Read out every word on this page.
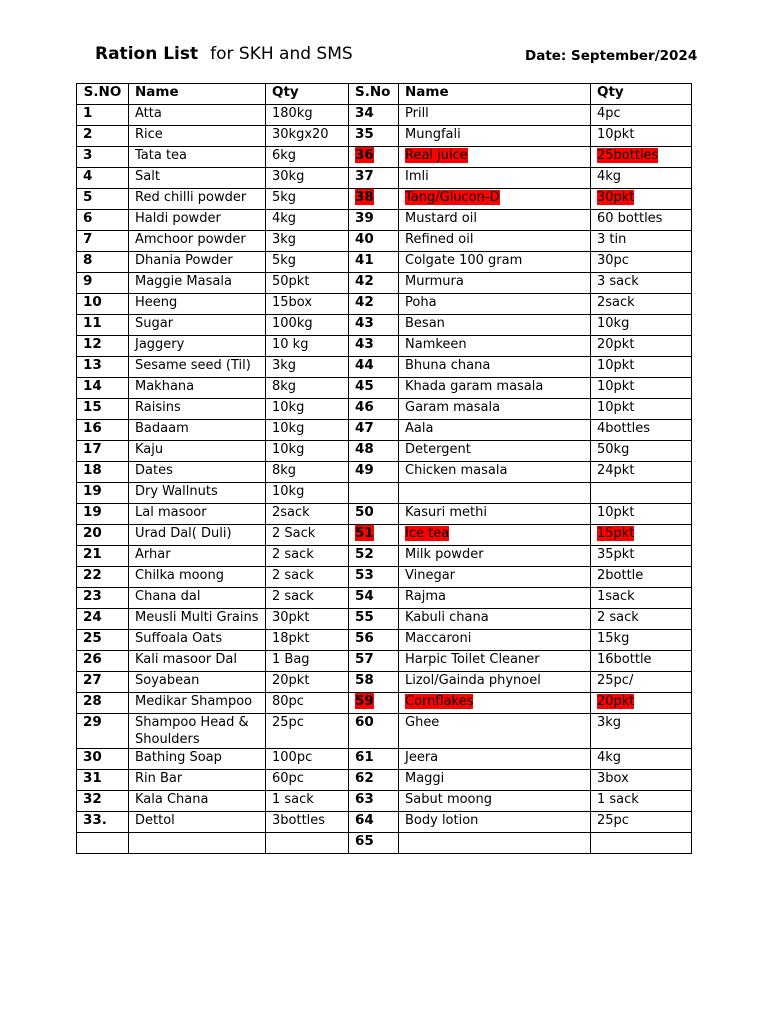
Ration List for SKH and SMS	Date: September/2024
S.NO	Name	Qty	S.No	Name	Qty
1	Atta	180kg	34	Prill	4pc
2	Rice	30kgx20	35	Mungfali	10pkt
3	Tata tea	6kg	36	Real juice	25bottles
4	Salt	30kg	37	Imli	4kg
5	Red chilli powder	5kg	38	Tang/Glucon-D	30pkt
6	Haldi powder	4kg	39	Mustard oil	60 bottles
7	Amchoor powder	3kg	40	Refined oil	3 tin
8	Dhania Powder	5kg	41	Colgate 100 gram	30pc
9	Maggie Masala	50pkt	42	Murmura	3 sack
10	Heeng	15box	42	Poha	2sack
11	Sugar	100kg	43	Besan	10kg
12	Jaggery	10 kg	43	Namkeen	20pkt
13	Sesame seed (Til)	3kg	44	Bhuna chana	10pkt
14	Makhana	8kg	45	Khada garam masala	10pkt
15	Raisins	10kg	46	Garam masala	10pkt
16	Badaam	10kg	47	Aala	4bottles
17	Kaju	10kg	48	Detergent	50kg
18	Dates	8kg	49	Chicken masala	24pkt
19	Dry Wallnuts	10kg			
19	Lal masoor	2sack	50	Kasuri methi	10pkt
20	Urad Dal( Duli)	2 Sack	51	Ice tea	15pkt
21	Arhar	2 sack	52	Milk powder	35pkt
22	Chilka moong	2 sack	53	Vinegar	2bottle
23	Chana dal	2 sack	54	Rajma	1sack
24	Meusli Multi Grains	30pkt	55	Kabuli chana	2 sack
25	Suffoala Oats	18pkt	56	Maccaroni	15kg
26	Kali masoor Dal	1 Bag	57	Harpic Toilet Cleaner	16bottle
27	Soyabean	20pkt	58	Lizol/Gainda phynoel	25pc/
28	Medikar Shampoo	80pc	59	Cornflakes	20pkt
29	Shampoo Head & Shoulders	25pc	60	Ghee	3kg
30	Bathing Soap	100pc	61	Jeera	4kg
31	Rin Bar	60pc	62	Maggi	3box
32	Kala Chana	1 sack	63	Sabut moong	1 sack
33.	Dettol	3bottles	64	Body lotion	25pc
			65		
